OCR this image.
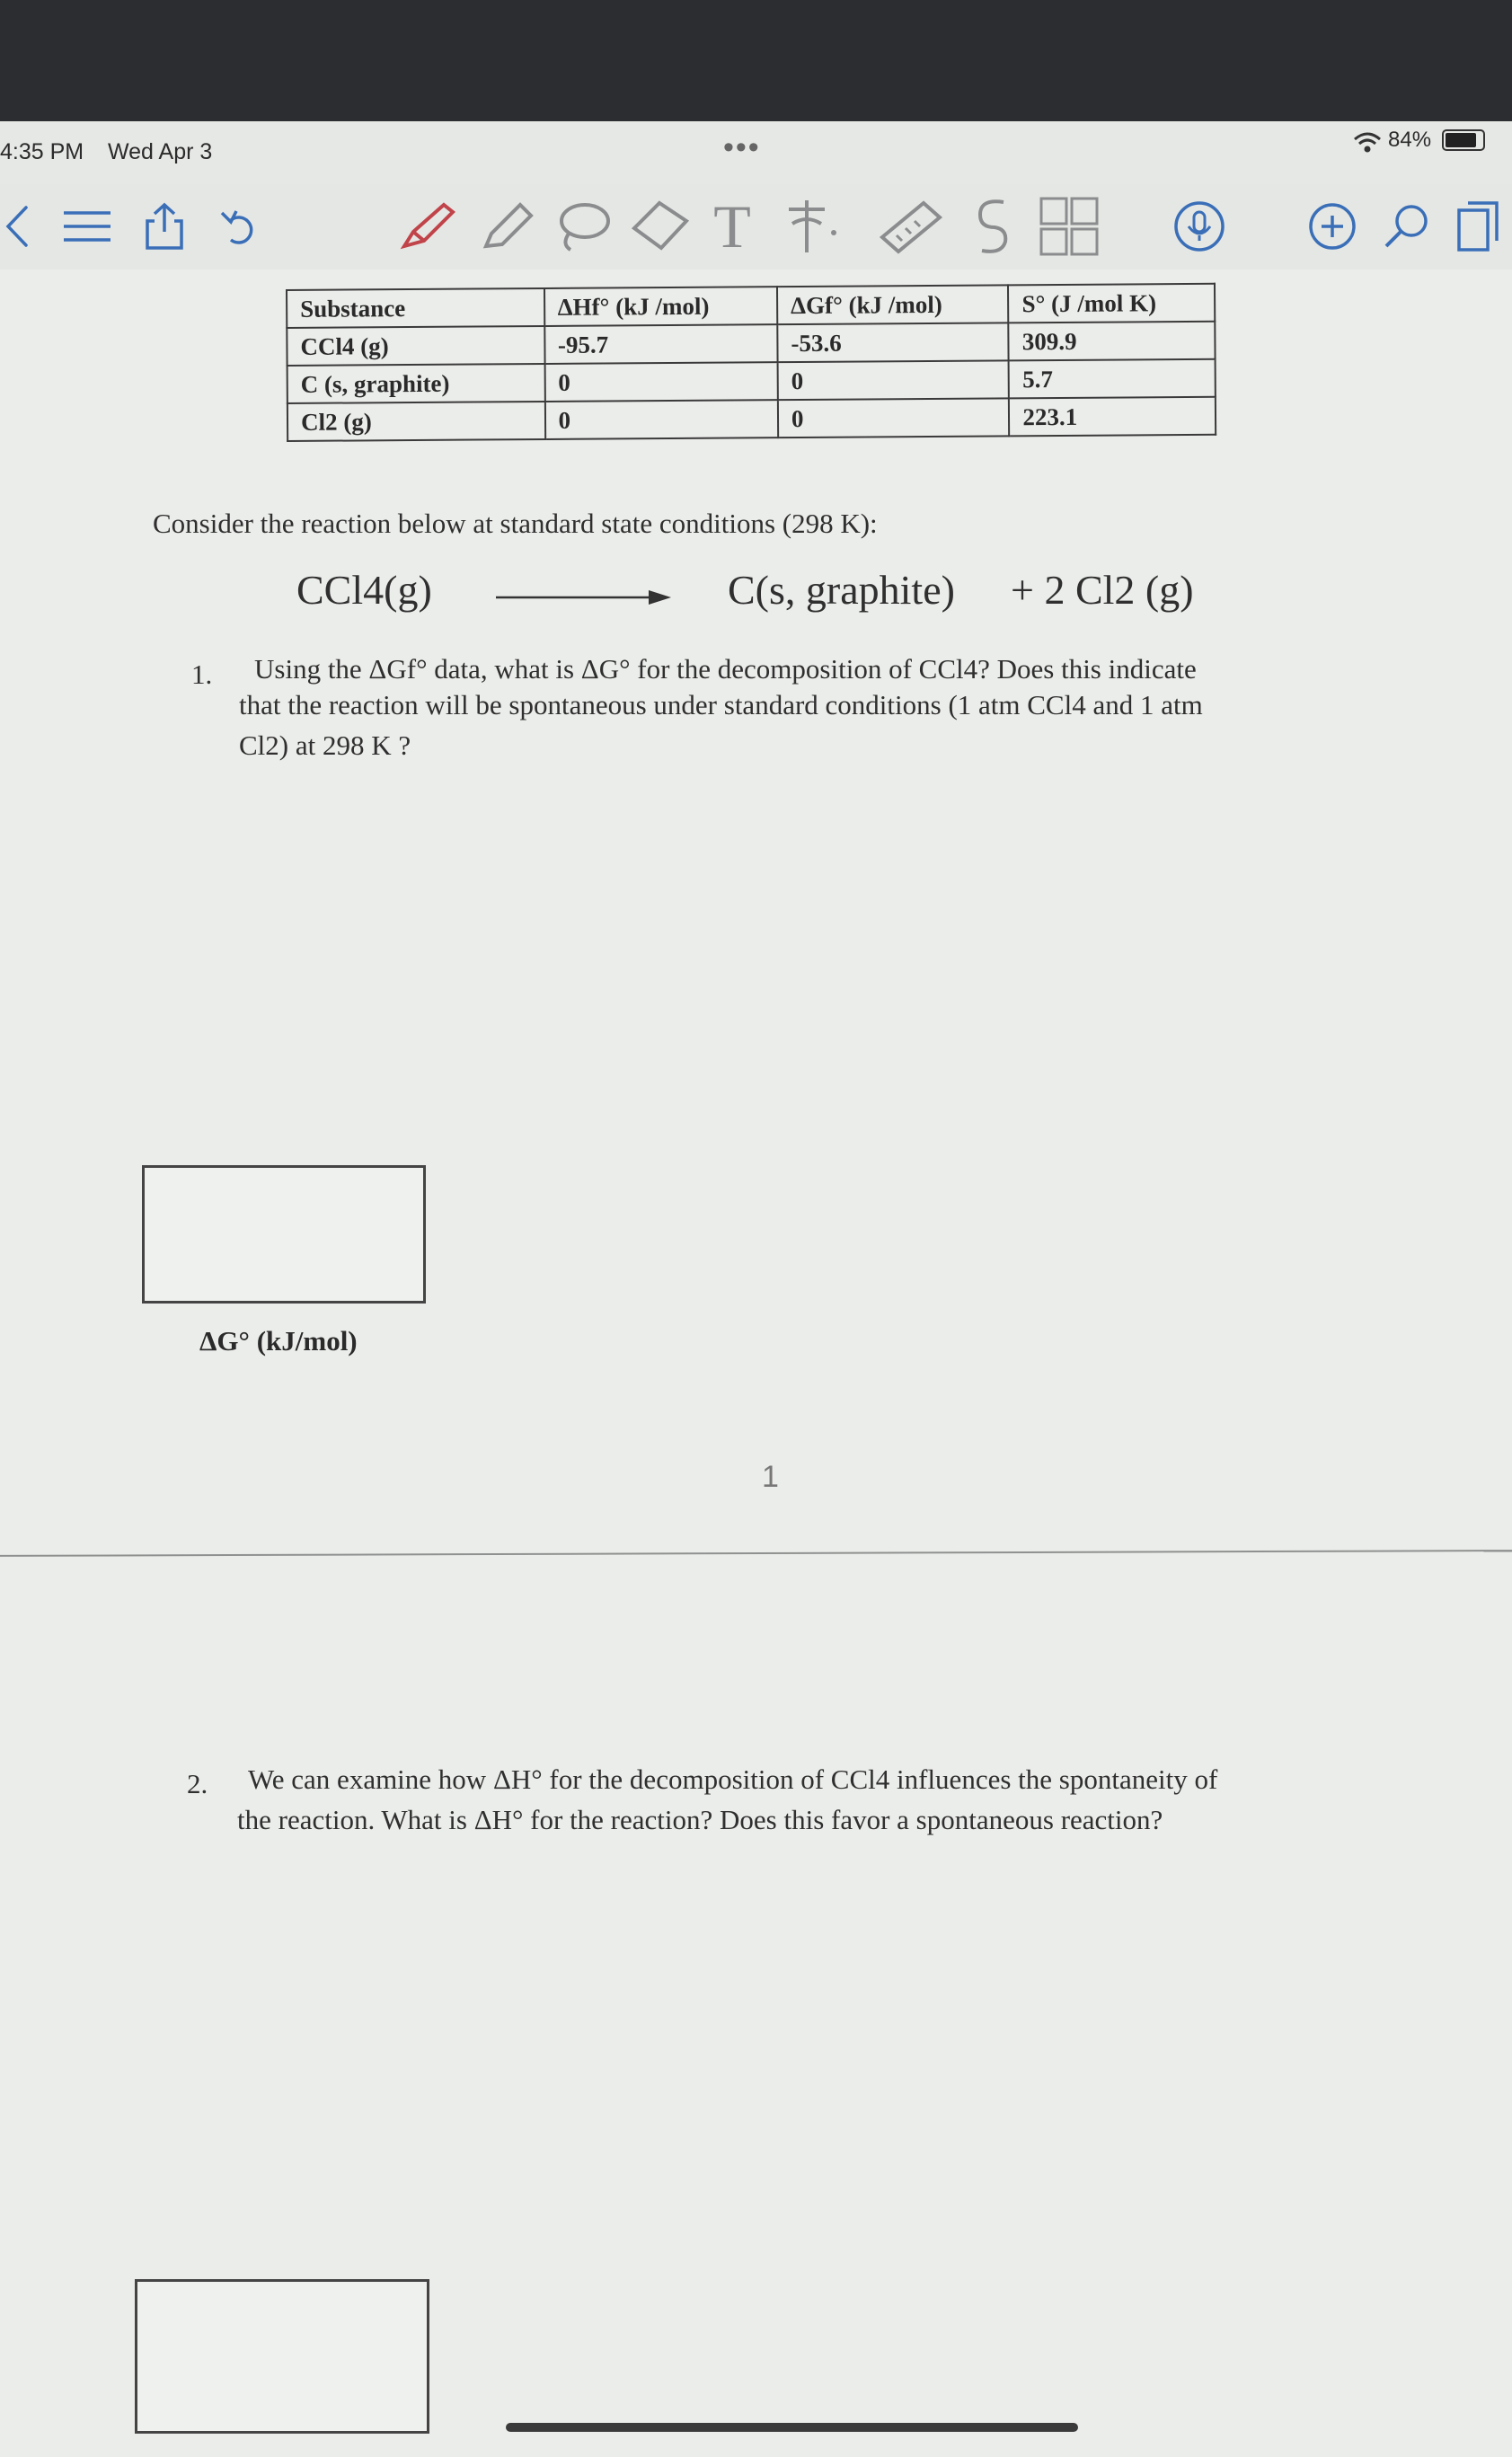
4:35 PM Wed Apr 3	•••	84%
T
Substance	ΔHf° (kJ /mol)	ΔGf° (kJ /mol)	S° (J /mol K)
CCl4 (g)	-95.7	-53.6	309.9
C (s, graphite)	0	0	5.7
Cl2 (g)	0	0	223.1
Consider the reaction below at standard state conditions (298 K):
CCl4(g)	C(s, graphite) + 2 Cl2 (g)
1. Using the ΔGf° data, what is ΔG° for the decomposition of CCl4? Does this indicate
that the reaction will be spontaneous under standard conditions (1 atm CCl4 and 1 atm
Cl2) at 298 K ?
ΔG° (kJ/mol)
1
2. We can examine how ΔH° for the decomposition of CCl4 influences the spontaneity of
the reaction. What is ΔH° for the reaction? Does this favor a spontaneous reaction?
